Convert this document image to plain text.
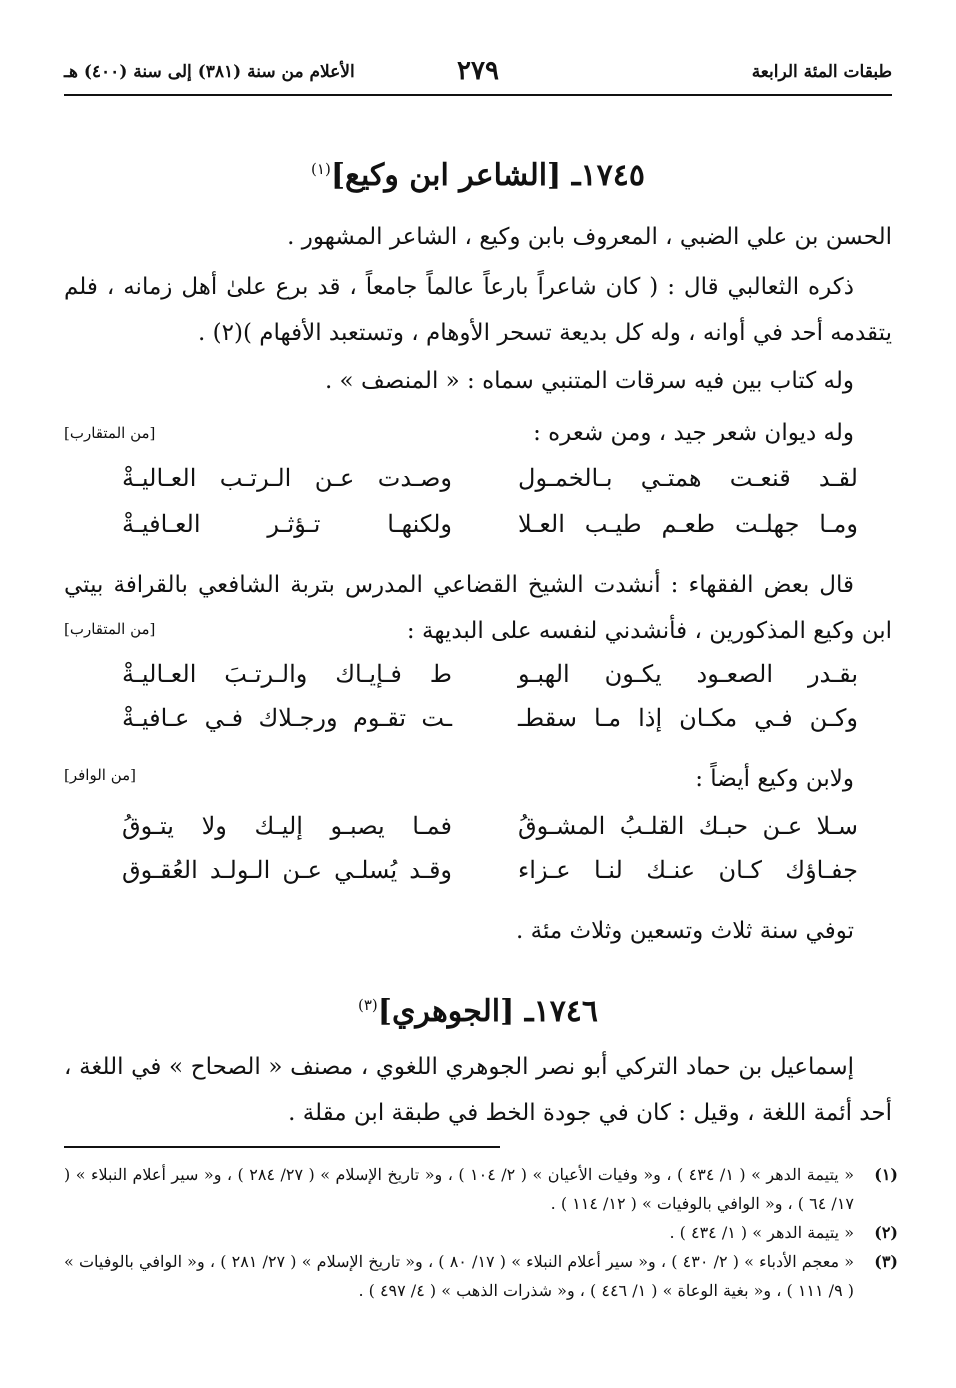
طبقات المئة الرابعة
٢٧٩
الأعلام من سنة (٣٨١) إلى سنة (٤٠٠) هـ
١٧٤٥ـ [الشاعر ابن وكيع]$^{(١)}$
الحسن بن علي الضبي ، المعروف بابن وكيع ، الشاعر المشهور .
ذكره الثعالبي قال : ( كان شاعراً بارعاً عالماً جامعاً ، قد برع علىٰ أهل زمانه ، فلم يتقدمه أحد في أوانه ، وله كل بديعة تسحر الأوهام ، وتستعبد الأفهام )(٢) .
وله كتاب بين فيه سرقات المتنبي سماه : « المنصف » .
وله ديوان شعر جيد ، ومن شعره :
[من المتقارب]
لقـد قنعـت همتـي بـالخمـول
وصـدت عـن الـرتـب العـاليـةْ
ومـا جهلـت طعـم طيـب العـلا
ولكنهـا تـؤثـر العـافيـةْ
قال بعض الفقهاء : أنشدت الشيخ القضاعي المدرس بتربة الشافعي بالقرافة بيتي ابن وكيع المذكورين ، فأنشدني لنفسه على البديهة :
[من المتقارب]
بقـدر الصعـود يكـون الهبـو
ط فـإيـاك والـرتـبَ العـاليـةْ
وكـن فـي مكـان إذا مـا سقطـ
ـت تقـوم ورجـلاك فـي عـافيـةْ
ولابن وكيع أيضاً :
[من الوافر]
سـلا عـن حبـك القلـبُ المشـوقُ
فمـا يصبـو إليـك ولا يتـوقُ
جفـاؤك كـان عنـك لنـا عـزاء
وقـد يُسلـي عـن الـولـد العُقـوق
توفي سنة ثلاث وتسعين وثلاث مئة .
١٧٤٦ـ [الجوهري]$^{(٣)}$
إسماعيل بن حماد التركي أبو نصر الجوهري اللغوي ، مصنف « الصحاح » في اللغة ، أحد أئمة اللغة ، وقيل : كان في جودة الخط في طبقة ابن مقلة .
(١)
« يتيمة الدهر » ( ١/ ٤٣٤ ) ، و« وفيات الأعيان » ( ٢/ ١٠٤ ) ، و« تاريخ الإسلام » ( ٢٧/ ٢٨٤ ) ، و« سير أعلام النبلاء » ( ١٧/ ٦٤ ) ، و« الوافي بالوفيات » ( ١٢/ ١١٤ ) .
(٢)
« يتيمة الدهر » ( ١/ ٤٣٤ ) .
(٣)
« معجم الأدباء » ( ٢/ ٤٣٠ ) ، و« سير أعلام النبلاء » ( ١٧/ ٨٠ ) ، و« تاريخ الإسلام » ( ٢٧/ ٢٨١ ) ، و« الوافي بالوفيات » ( ٩/ ١١١ ) ، و« بغية الوعاة » ( ١/ ٤٤٦ ) ، و« شذرات الذهب » ( ٤/ ٤٩٧ ) .
